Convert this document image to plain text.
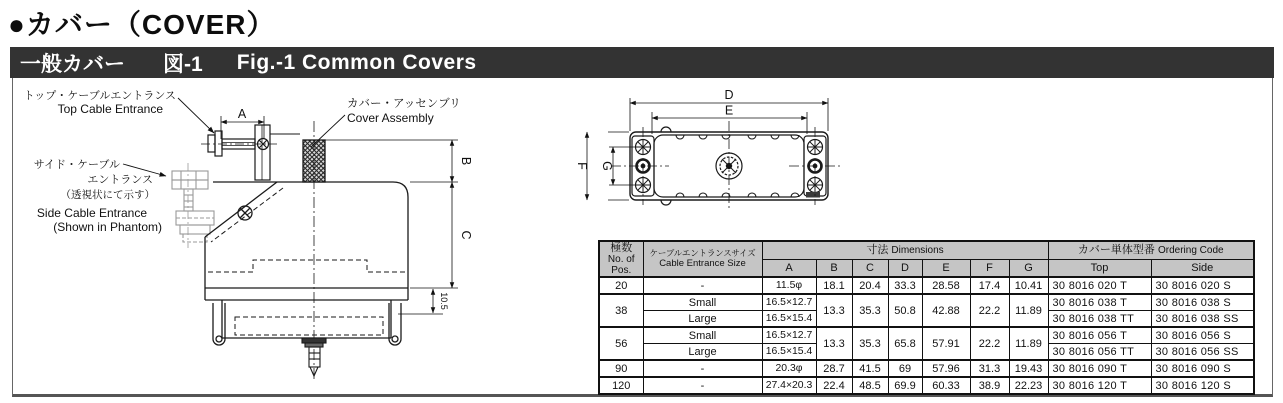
●カバー（COVER）
一般カバー 図-1 Fig.-1 Common Covers
A
B
C
10.5
トップ・ケーブルエントランス
Top Cable Entrance	カバー・アッセンブリ
Cover Assembly
サイド・ケーブル
エントランス
（透視状にて示す）
Side Cable Entrance
(Shown in Phantom)
D
E
F G
極数
No. of Pos.

ケーブルエントランスサイズ
Cable Entrance Size
	寸法 Dimensions	カバー単体型番 Ordering Code
		A	B	C	D	E	F	G	Top	Side
20	-	11.5φ	18.1	20.4	33.3	28.58	17.4	10.41	30 8016 020 T	30 8016 020 S
38	Small	16.5×12.7	13.3	35.3	50.8	42.88	22.2	11.89	30 8016 038 T	30 8016 038 S
	Large	16.5×15.4							30 8016 038 TT	30 8016 038 SS
56	Small	16.5×12.7	13.3	35.3	65.8	57.91	22.2	11.89	30 8016 056 T	30 8016 056 S
	Large	16.5×15.4							30 8016 056 TT	30 8016 056 SS
90	-	20.3φ	28.7	41.5	69	57.96	31.3	19.43	30 8016 090 T	30 8016 090 S
120	-	27.4×20.3	22.4	48.5	69.9	60.33	38.9	22.23	30 8016 120 T	30 8016 120 S
